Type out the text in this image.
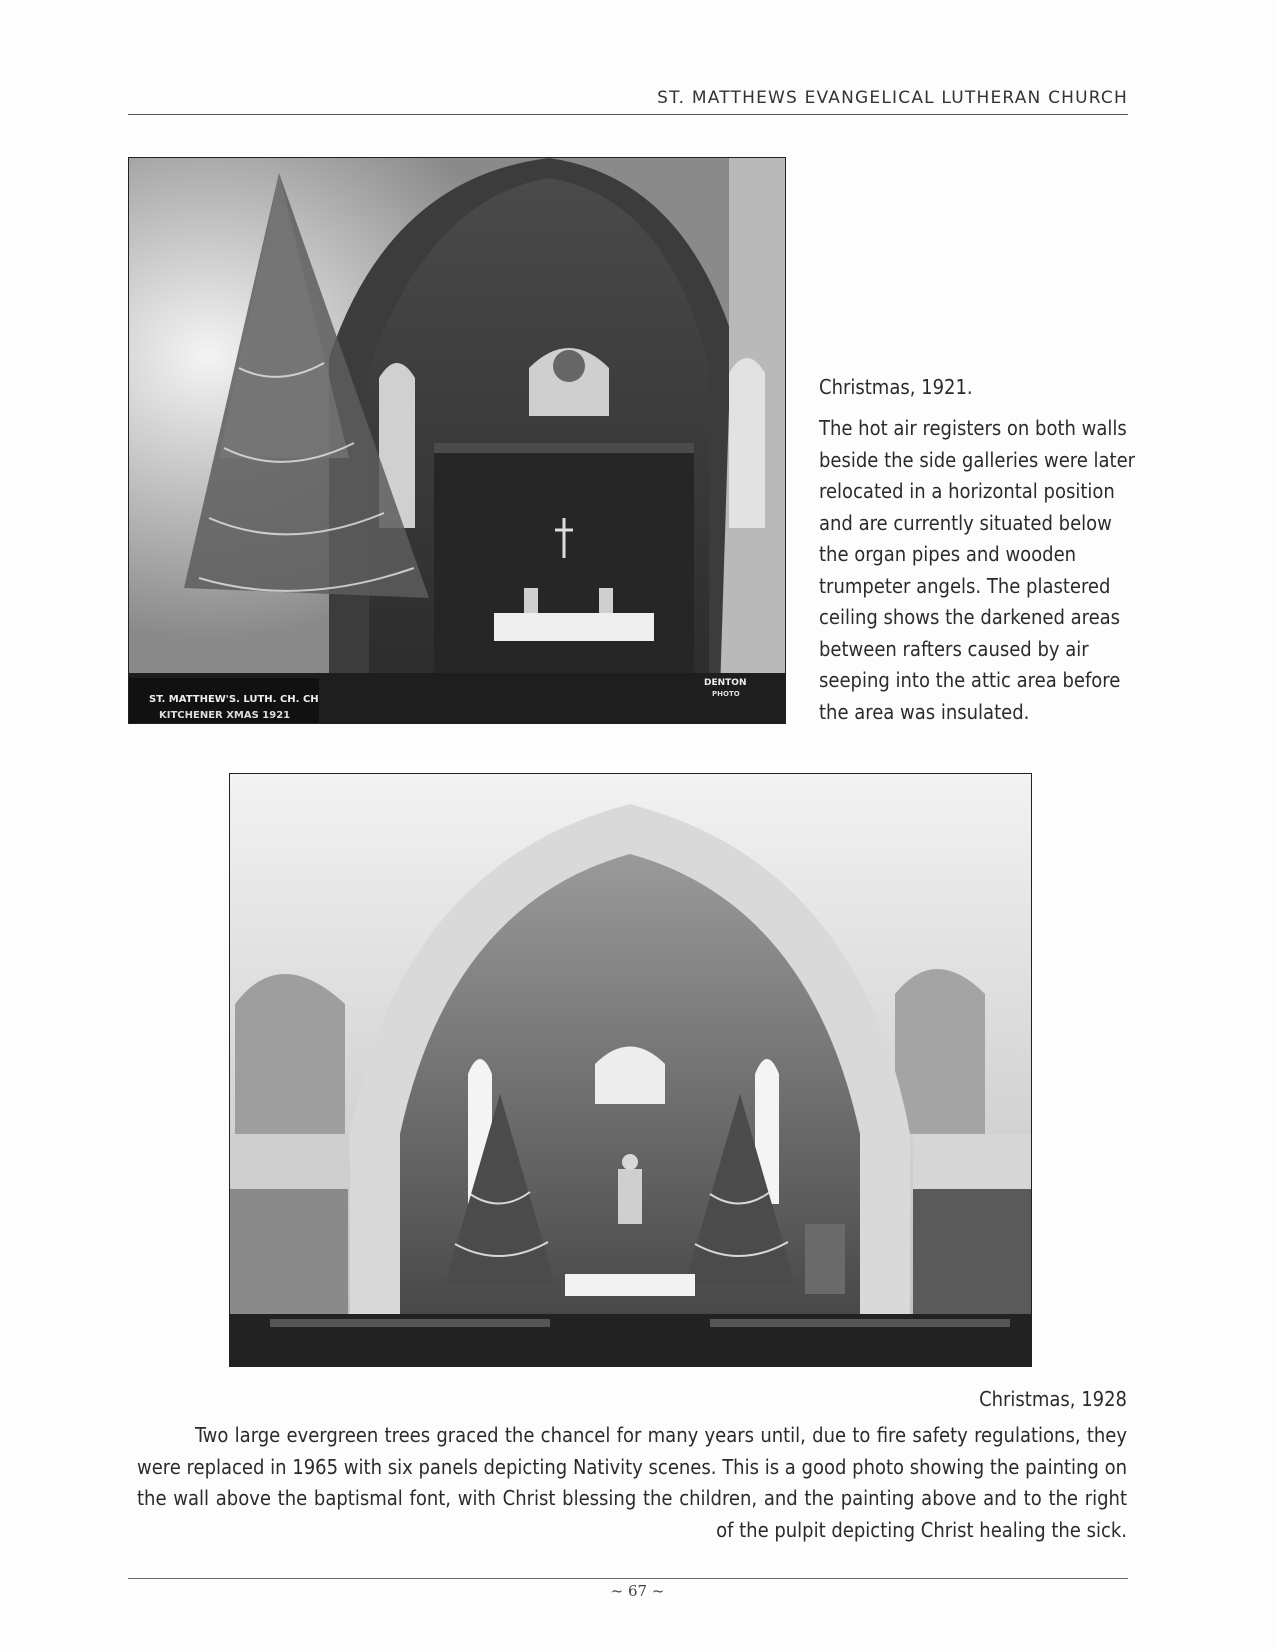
ST. MATTHEWS EVANGELICAL LUTHERAN CHURCH
ST. MATTHEW'S. LUTH. CH. CH
KITCHENER XMAS 1921
DENTON
PHOTO
Christmas, 1921.
The hot air registers on both walls beside the side galleries were later relocated in a horizontal position and are currently situated below the organ pipes and wooden trumpeter angels. The plastered ceiling shows the darkened areas between rafters caused by air seeping into the attic area before the area was insulated.
Christmas, 1928
Two large evergreen trees graced the chancel for many years until, due to fire safety regulations, they were replaced in 1965 with six panels depicting Nativity scenes. This is a good photo showing the painting on the wall above the baptismal font, with Christ blessing the children, and the painting above and to the right of the pulpit depicting Christ healing the sick.
~ 67 ~
